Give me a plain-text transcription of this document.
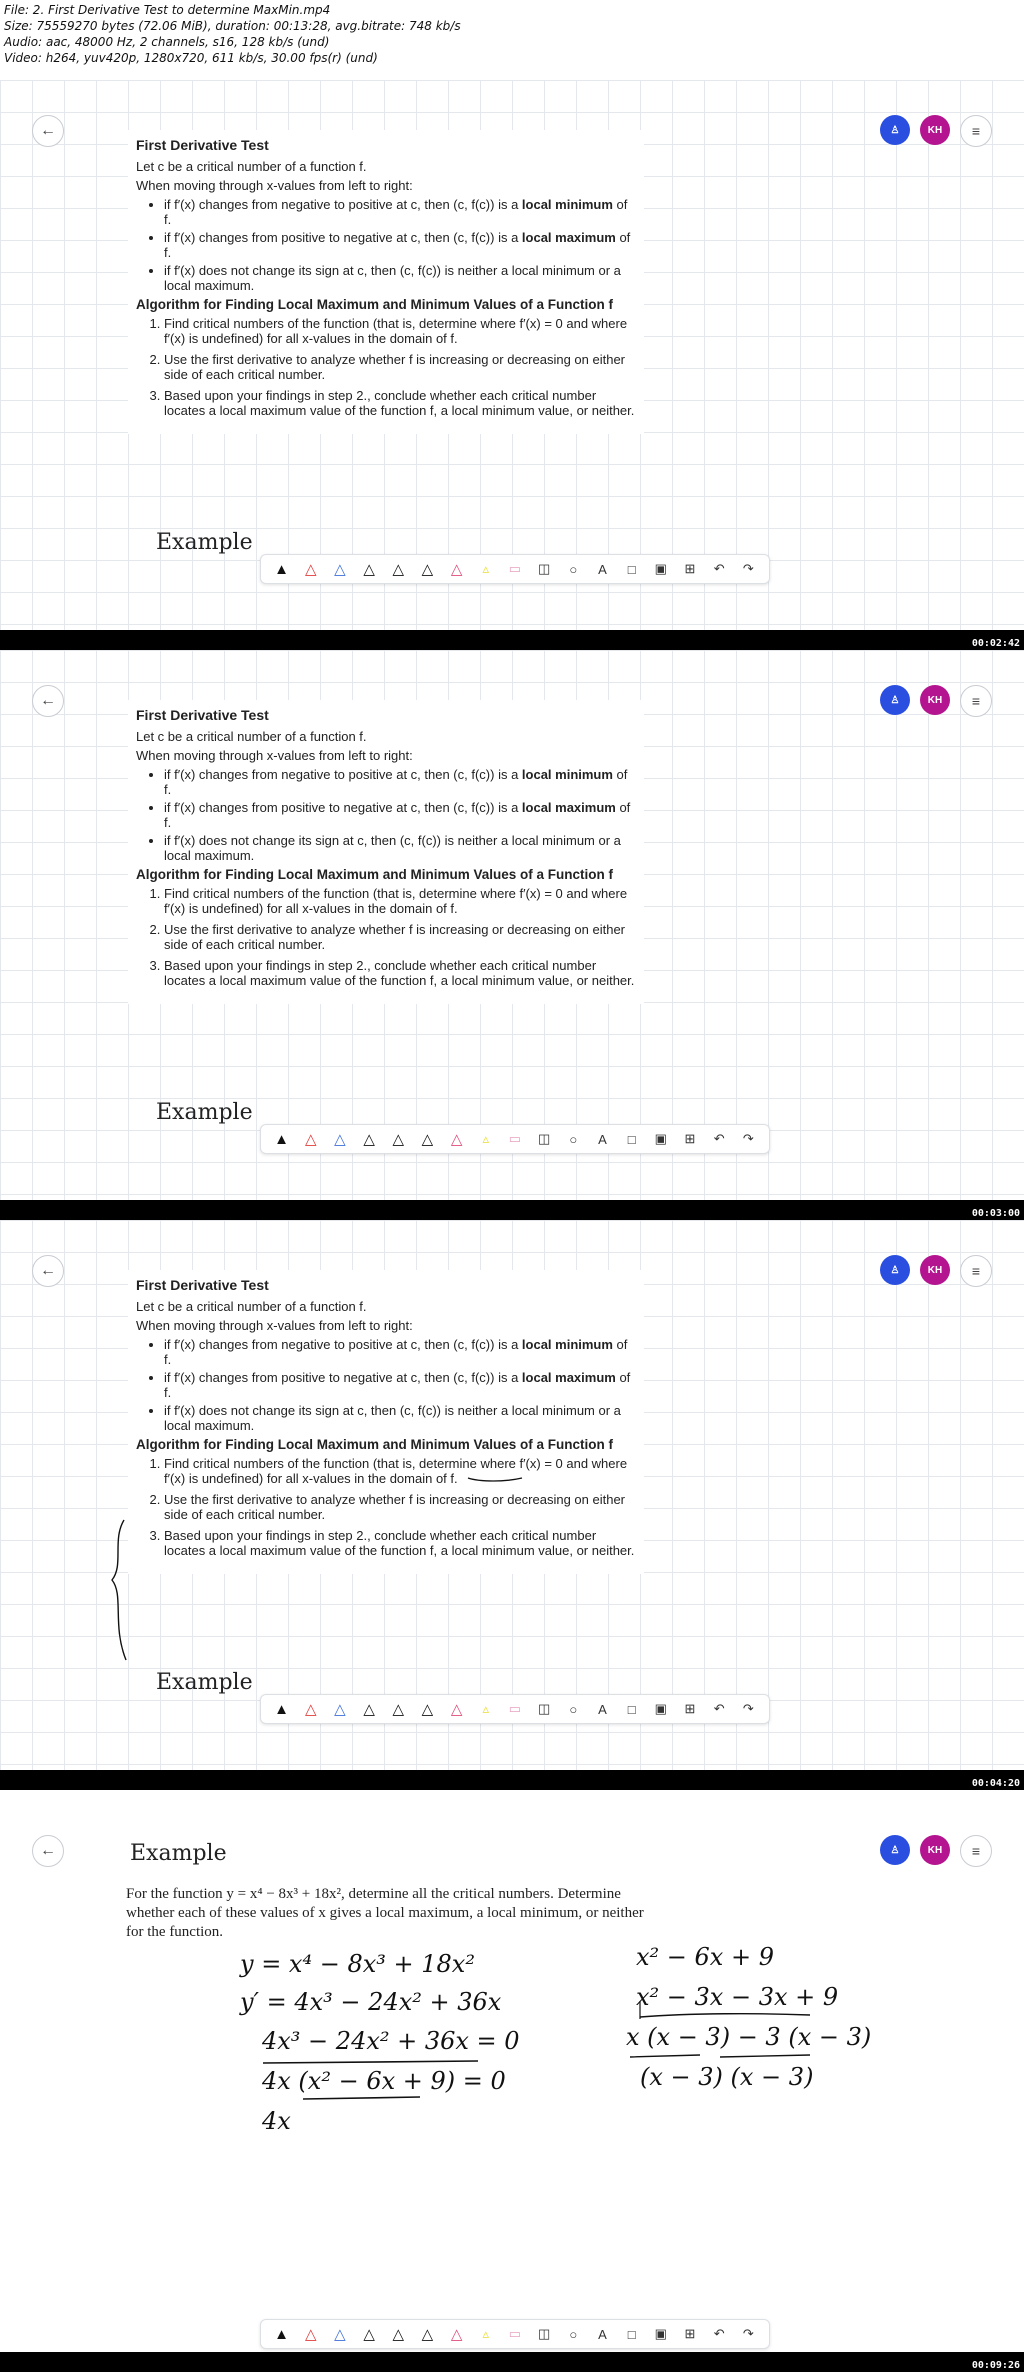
File: 2. First Derivative Test to determine MaxMin.mp4
Size: 75559270 bytes (72.06 MiB), duration: 00:13:28, avg.bitrate: 748 kb/s
Audio: aac, 48000 Hz, 2 channels, s16, 128 kb/s (und)
Video: h264, yuv420p, 1280x720, 611 kb/s, 30.00 fps(r) (und)
←	♙	KH ≡
First Derivative Test
Let c be a critical number of a function f.
When moving through x-values from left to right:
• if f′(x) changes from negative to positive at c, then (c, f(c)) is a local minimum of f.
• if f′(x) changes from positive to negative at c, then (c, f(c)) is a local maximum of f.
• if f′(x) does not change its sign at c, then (c, f(c)) is neither a local minimum or a local maximum.
Algorithm for Finding Local Maximum and Minimum Values of a Function f
1. Find critical numbers of the function (that is, determine where f′(x) = 0 and where f′(x) is undefined) for all x-values in the domain of f.
2. Use the first derivative to analyze whether f is increasing or decreasing on either side of each critical number.
3. Based upon your findings in step 2., conclude whether each critical number locates a local maximum value of the function f, a local minimum value, or neither.
Example
▲	△	△	△	△	△	△	▵	▭	◫	○	A	□	▣	⊞	↶	↷
00:02:42
←	♙	KH ≡
First Derivative Test
Let c be a critical number of a function f.
When moving through x-values from left to right:
• if f′(x) changes from negative to positive at c, then (c, f(c)) is a local minimum of f.
• if f′(x) changes from positive to negative at c, then (c, f(c)) is a local maximum of f.
• if f′(x) does not change its sign at c, then (c, f(c)) is neither a local minimum or a local maximum.
Algorithm for Finding Local Maximum and Minimum Values of a Function f
1. Find critical numbers of the function (that is, determine where f′(x) = 0 and where f′(x) is undefined) for all x-values in the domain of f.
2. Use the first derivative to analyze whether f is increasing or decreasing on either side of each critical number.
3. Based upon your findings in step 2., conclude whether each critical number locates a local maximum value of the function f, a local minimum value, or neither.
Example
▲	△	△	△	△	△	△	▵	▭	◫	○	A	□	▣	⊞	↶	↷
00:03:00
←	♙	KH ≡
First Derivative Test
Let c be a critical number of a function f.
When moving through x-values from left to right:
• if f′(x) changes from negative to positive at c, then (c, f(c)) is a local minimum of f.
• if f′(x) changes from positive to negative at c, then (c, f(c)) is a local maximum of f.
• if f′(x) does not change its sign at c, then (c, f(c)) is neither a local minimum or a local maximum.
Algorithm for Finding Local Maximum and Minimum Values of a Function f
1. Find critical numbers of the function (that is, determine where f′(x) = 0 and where f′(x) is undefined) for all x-values in the domain of f.
2. Use the first derivative to analyze whether f is increasing or decreasing on either side of each critical number.
3. Based upon your findings in step 2., conclude whether each critical number locates a local maximum value of the function f, a local minimum value, or neither.
Example
▲	△	△	△	△	△	△	▵	▭	◫	○	A	□	▣	⊞	↶	↷
00:04:20
←	♙	KH ≡
Example
For the function y = x⁴ − 8x³ + 18x², determine all the critical numbers. Determine whether each of these values of x gives a local maximum, a local minimum, or neither for the function.
y = x⁴ − 8x³ + 18x²
y′ = 4x³ − 24x² + 36x
4x³ − 24x² + 36x = 0
4x (x² − 6x + 9) = 0
4x
x² − 6x + 9
x² − 3x − 3x + 9
x (x − 3) − 3 (x − 3)
(x − 3) (x − 3)
▲	△	△	△	△	△	△	▵	▭	◫	○	A	□	▣	⊞	↶	↷
00:09:26
